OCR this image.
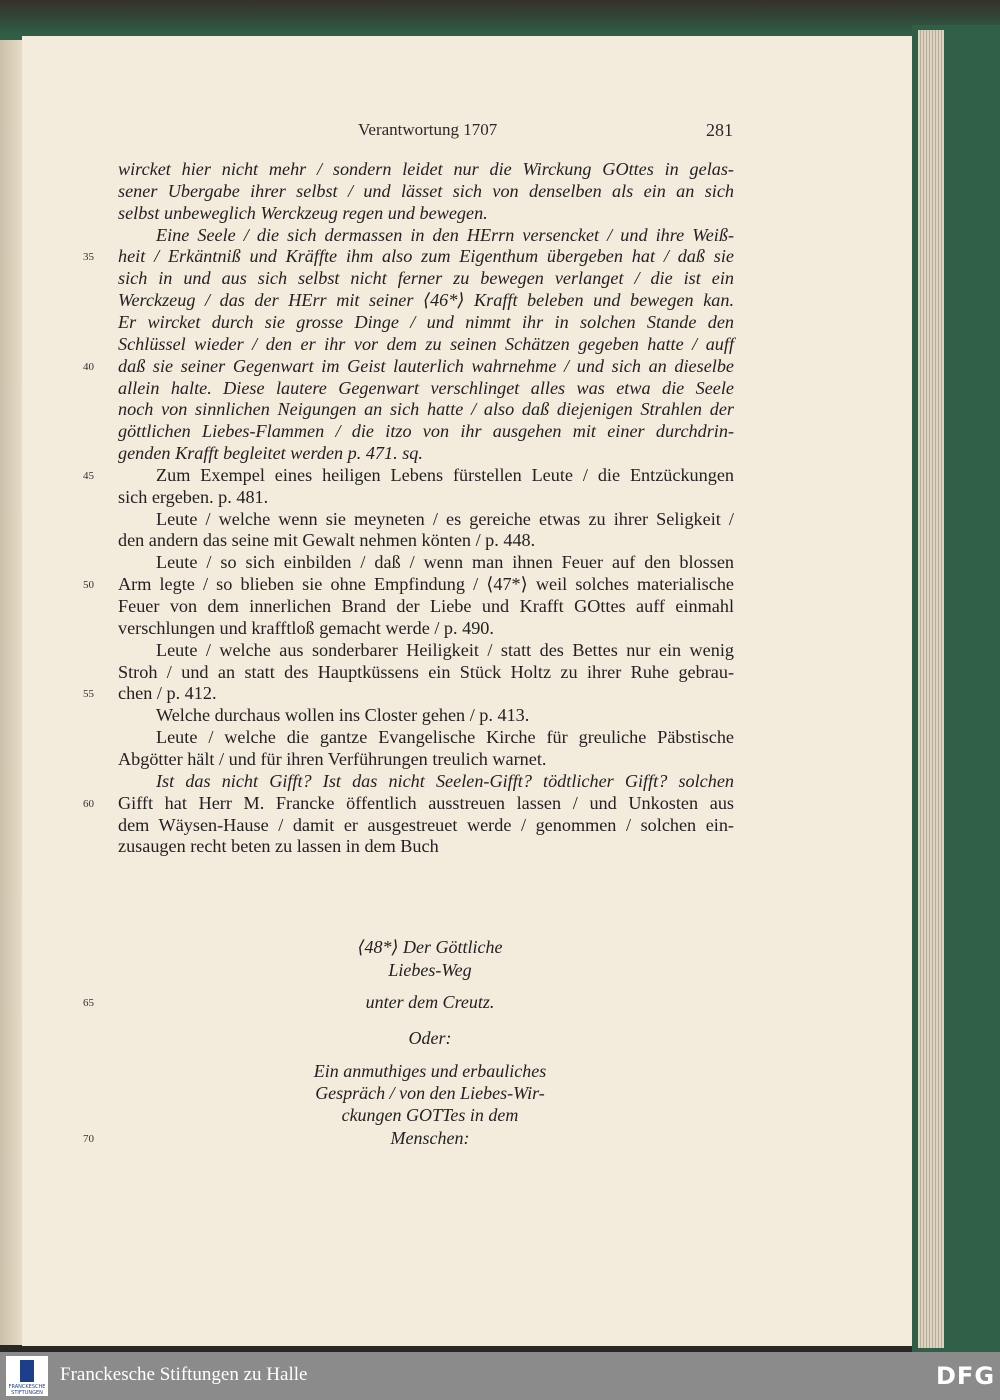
Verantwortung 1707	281
wircket hier nicht mehr / sondern leidet nur die Wirckung GOttes in gelas-
sener Ubergabe ihrer selbst / und lässet sich von denselben als ein an sich
selbst unbeweglich Werckzeug regen und bewegen.
Eine Seele / die sich dermassen in den HErrn versencket / und ihre Weiß-
heit / Erkäntniß und Kräffte ihm also zum Eigenthum übergeben hat / daß sie
sich in und aus sich selbst nicht ferner zu bewegen verlanget / die ist ein
Werckzeug / das der HErr mit seiner ⟨46*⟩ Krafft beleben und bewegen kan.
Er wircket durch sie grosse Dinge / und nimmt ihr in solchen Stande den
Schlüssel wieder / den er ihr vor dem zu seinen Schätzen gegeben hatte / auff
daß sie seiner Gegenwart im Geist lauterlich wahrnehme / und sich an dieselbe
allein halte. Diese lautere Gegenwart verschlinget alles was etwa die Seele
noch von sinnlichen Neigungen an sich hatte / also daß diejenigen Strahlen der
göttlichen Liebes-Flammen / die itzo von ihr ausgehen mit einer durchdrin-
genden Krafft begleitet werden p. 471. sq.
Zum Exempel eines heiligen Lebens fürstellen Leute / die Entzückungen
sich ergeben. p. 481.
Leute / welche wenn sie meyneten / es gereiche etwas zu ihrer Seligkeit /
den andern das seine mit Gewalt nehmen könten / p. 448.
Leute / so sich einbilden / daß / wenn man ihnen Feuer auf den blossen
Arm legte / so blieben sie ohne Empfindung / ⟨47*⟩ weil solches materialische
Feuer von dem innerlichen Brand der Liebe und Krafft GOttes auff einmahl
verschlungen und krafftloß gemacht werde / p. 490.
Leute / welche aus sonderbarer Heiligkeit / statt des Bettes nur ein wenig
Stroh / und an statt des Hauptküssens ein Stück Holtz zu ihrer Ruhe gebrau-
chen / p. 412.
Welche durchaus wollen ins Closter gehen / p. 413.
Leute / welche die gantze Evangelische Kirche für greuliche Päbstische
Abgötter hält / und für ihren Verführungen treulich warnet.
Ist das nicht Gifft? Ist das nicht Seelen-Gifft? tödtlicher Gifft? solchen
Gifft hat Herr M. Francke öffentlich ausstreuen lassen / und Unkosten aus
dem Wäysen-Hause / damit er ausgestreuet werde / genommen / solchen ein-
zusaugen recht beten zu lassen in dem Buch
35
40
45
50
55
60
65
70
⟨48*⟩ Der Göttliche
Liebes-Weg
unter dem Creutz.
Oder:
Ein anmuthiges und erbauliches
Gespräch / von den Liebes-Wir-
ckungen GOTTes in dem
Menschen:
FRANCKESCHE STIFTUNGEN
Franckesche Stiftungen zu Halle	DFG
